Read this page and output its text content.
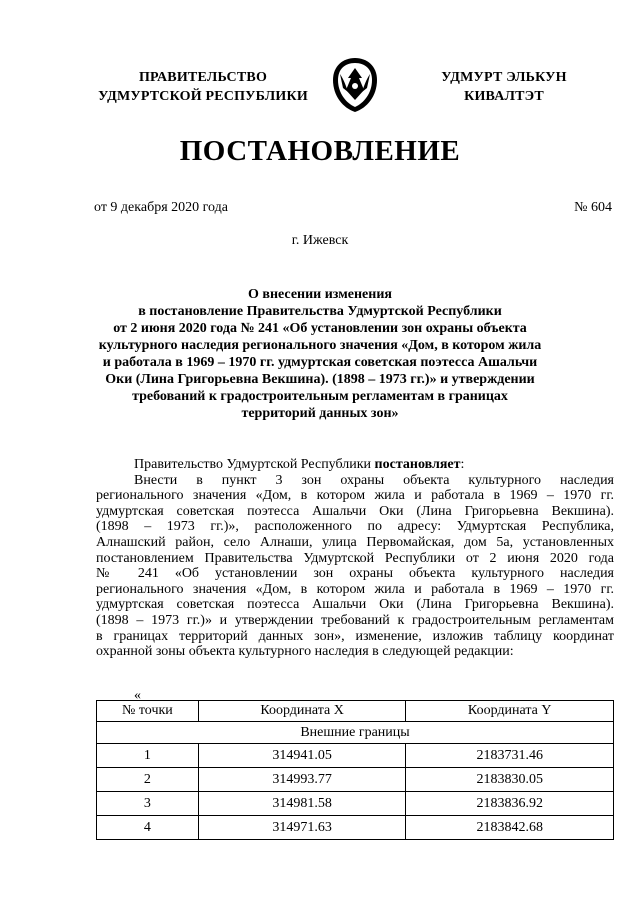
ПРАВИТЕЛЬСТВО
УДМУРТСКОЙ РЕСПУБЛИКИ
УДМУРТ ЭЛЬКУН
КИВАЛТЭТ
ПОСТАНОВЛЕНИЕ
от 9 декабря 2020 года	№ 604
г. Ижевск
О внесении изменения
в постановление Правительства Удмуртской Республики
от 2 июня 2020 года № 241 «Об установлении зон охраны объекта
культурного наследия регионального значения «Дом, в котором жила
и работала в 1969 – 1970 гг. удмуртская советская поэтесса Ашальчи
Оки (Лина Григорьевна Векшина). (1898 – 1973 гг.)» и утверждении
требований к градостроительным регламентам в границах
территорий данных зон»
Правительство Удмуртской Республики постановляет:
Внести в пункт 3 зон охраны объекта культурного наследия
регионального значения «Дом, в котором жила и работала в 1969 – 1970 гг.
удмуртская советская поэтесса Ашальчи Оки (Лина Григорьевна Векшина).
(1898 – 1973 гг.)», расположенного по адресу: Удмуртская Республика,
Алнашский район, село Алнаши, улица Первомайская, дом 5а, установленных
постановлением Правительства Удмуртской Республики от 2 июня 2020 года
№ 241 «Об установлении зон охраны объекта культурного наследия
регионального значения «Дом, в котором жила и работала в 1969 – 1970 гг.
удмуртская советская поэтесса Ашальчи Оки (Лина Григорьевна Векшина).
(1898 – 1973 гг.)» и утверждении требований к градостроительным регламентам
в границах территорий данных зон», изменение, изложив таблицу координат
охранной зоны объекта культурного наследия в следующей редакции:
«
№ точки	Координата X	Координата Y
Внешние границы		
1	314941.05	2183731.46
2	314993.77	2183830.05
3	314981.58	2183836.92
4	314971.63	2183842.68
